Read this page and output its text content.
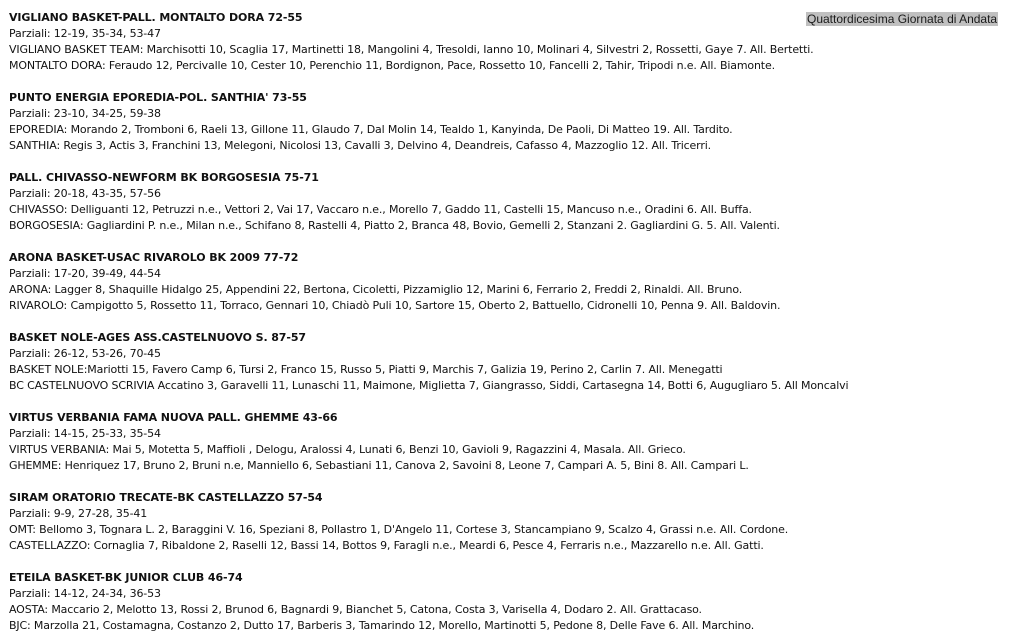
Quattordicesima Giornata di Andata
VIGLIANO BASKET-PALL. MONTALTO DORA 72-55
Parziali: 12-19, 35-34, 53-47
VIGLIANO BASKET TEAM: Marchisotti 10, Scaglia 17, Martinetti 18, Mangolini 4, Tresoldi, Ianno 10, Molinari 4, Silvestri 2, Rossetti, Gaye 7. All. Bertetti.
MONTALTO DORA: Feraudo 12, Percivalle 10, Cester 10, Perenchio 11, Bordignon, Pace, Rossetto 10, Fancelli 2, Tahir, Tripodi n.e. All. Biamonte.
PUNTO ENERGIA EPOREDIA-POL. SANTHIA' 73-55
Parziali: 23-10, 34-25, 59-38
EPOREDIA: Morando 2, Tromboni 6, Raeli 13, Gillone 11, Glaudo 7, Dal Molin 14, Tealdo 1, Kanyinda, De Paoli, Di Matteo 19. All. Tardito.
SANTHIA: Regis 3, Actis 3, Franchini 13, Melegoni, Nicolosi 13, Cavalli 3, Delvino 4, Deandreis, Cafasso 4, Mazzoglio 12. All. Tricerri.
PALL. CHIVASSO-NEWFORM BK BORGOSESIA 75-71
Parziali: 20-18, 43-35, 57-56
CHIVASSO: Delliguanti 12, Petruzzi n.e., Vettori 2, Vai 17, Vaccaro n.e., Morello 7, Gaddo 11, Castelli 15, Mancuso n.e., Oradini 6. All. Buffa.
BORGOSESIA: Gagliardini P. n.e., Milan n.e., Schifano 8, Rastelli 4, Piatto 2, Branca 48, Bovio, Gemelli 2, Stanzani 2. Gagliardini G. 5. All. Valenti.
ARONA BASKET-USAC RIVAROLO BK 2009 77-72
Parziali: 17-20, 39-49, 44-54
ARONA: Lagger 8, Shaquille Hidalgo 25, Appendini 22, Bertona, Cicoletti, Pizzamiglio 12, Marini 6, Ferrario 2, Freddi 2, Rinaldi. All. Bruno.
RIVAROLO: Campigotto 5, Rossetto 11, Torraco, Gennari 10, Chiadò Puli 10, Sartore 15, Oberto 2, Battuello, Cidronelli 10, Penna 9. All. Baldovin.
BASKET NOLE-AGES ASS.CASTELNUOVO S. 87-57
Parziali: 26-12, 53-26, 70-45
BASKET NOLE:Mariotti 15, Favero Camp 6, Tursi 2, Franco 15, Russo 5, Piatti 9, Marchis 7, Galizia 19, Perino 2, Carlin 7. All. Menegatti
BC CASTELNUOVO SCRIVIA Accatino 3, Garavelli 11, Lunaschi 11, Maimone, Miglietta 7, Giangrasso, Siddi, Cartasegna 14, Botti 6, Augugliaro 5. All Moncalvi
VIRTUS VERBANIA FAMA NUOVA PALL. GHEMME 43-66
Parziali: 14-15, 25-33, 35-54
VIRTUS VERBANIA: Mai 5, Motetta 5, Maffioli , Delogu, Aralossi 4, Lunati 6, Benzi 10, Gavioli 9, Ragazzini 4, Masala. All. Grieco.
GHEMME: Henriquez 17, Bruno 2, Bruni n.e, Manniello 6, Sebastiani 11, Canova 2, Savoini 8, Leone 7, Campari A. 5, Bini 8. All. Campari L.
SIRAM ORATORIO TRECATE-BK CASTELLAZZO 57-54
Parziali: 9-9, 27-28, 35-41
OMT: Bellomo 3, Tognara L. 2, Baraggini V. 16, Speziani 8, Pollastro 1, D'Angelo 11, Cortese 3, Stancampiano 9, Scalzo 4, Grassi n.e. All. Cordone.
CASTELLAZZO: Cornaglia 7, Ribaldone 2, Raselli 12, Bassi 14, Bottos 9, Faragli n.e., Meardi 6, Pesce 4, Ferraris n.e., Mazzarello n.e. All. Gatti.
ETEILA BASKET-BK JUNIOR CLUB 46-74
Parziali: 14-12, 24-34, 36-53
AOSTA: Maccario 2, Melotto 13, Rossi 2, Brunod 6, Bagnardi 9, Bianchet 5, Catona, Costa 3, Varisella 4, Dodaro 2. All. Grattacaso.
BJC: Marzolla 21, Costamagna, Costanzo 2, Dutto 17, Barberis 3, Tamarindo 12, Morello, Martinotti 5, Pedone 8, Delle Fave 6. All. Marchino.
